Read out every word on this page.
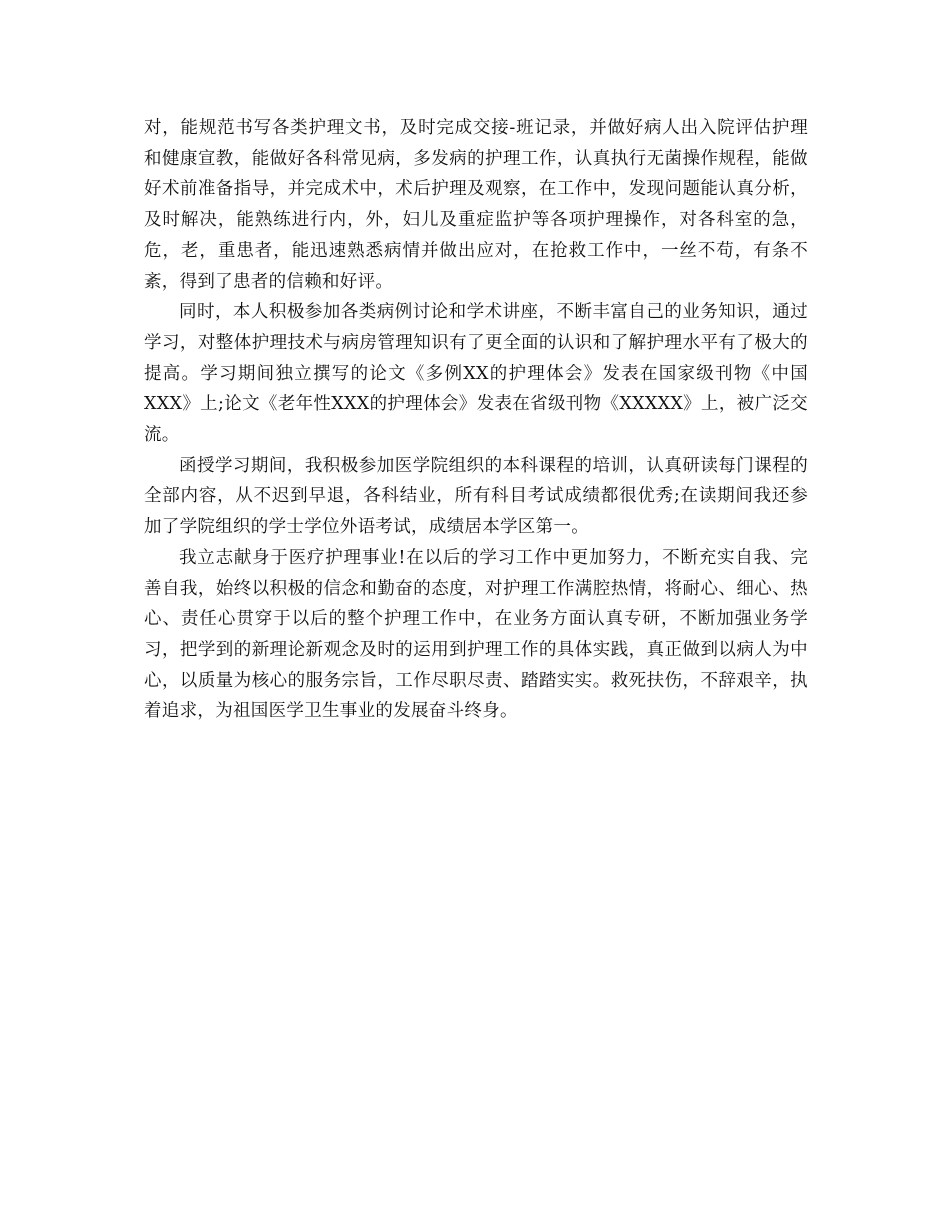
对，能规范书写各类护理文书，及时完成交接-班记录，并做好病人出入院评估护理和健康宣教，能做好各科常见病，多发病的护理工作，认真执行无菌操作规程，能做好术前准备指导，并完成术中，术后护理及观察，在工作中，发现问题能认真分析，及时解决，能熟练进行内，外，妇儿及重症监护等各项护理操作，对各科室的急，危，老，重患者，能迅速熟悉病情并做出应对，在抢救工作中，一丝不苟，有条不紊，得到了患者的信赖和好评。

同时，本人积极参加各类病例讨论和学术讲座，不断丰富自己的业务知识，通过学习，对整体护理技术与病房管理知识有了更全面的认识和了解护理水平有了极大的提高。学习期间独立撰写的论文《多例XX的护理体会》发表在国家级刊物《中国XXX》上;论文《老年性XXX的护理体会》发表在省级刊物《XXXXX》上，被广泛交流。

函授学习期间，我积极参加医学院组织的本科课程的培训，认真研读每门课程的全部内容，从不迟到早退，各科结业，所有科目考试成绩都很优秀;在读期间我还参加了学院组织的学士学位外语考试，成绩居本学区第一。

我立志献身于医疗护理事业!在以后的学习工作中更加努力，不断充实自我、完善自我，始终以积极的信念和勤奋的态度，对护理工作满腔热情，将耐心、细心、热心、责任心贯穿于以后的整个护理工作中，在业务方面认真专研，不断加强业务学习，把学到的新理论新观念及时的运用到护理工作的具体实践，真正做到以病人为中心，以质量为核心的服务宗旨，工作尽职尽责、踏踏实实。救死扶伤，不辞艰辛，执着追求，为祖国医学卫生事业的发展奋斗终身。
